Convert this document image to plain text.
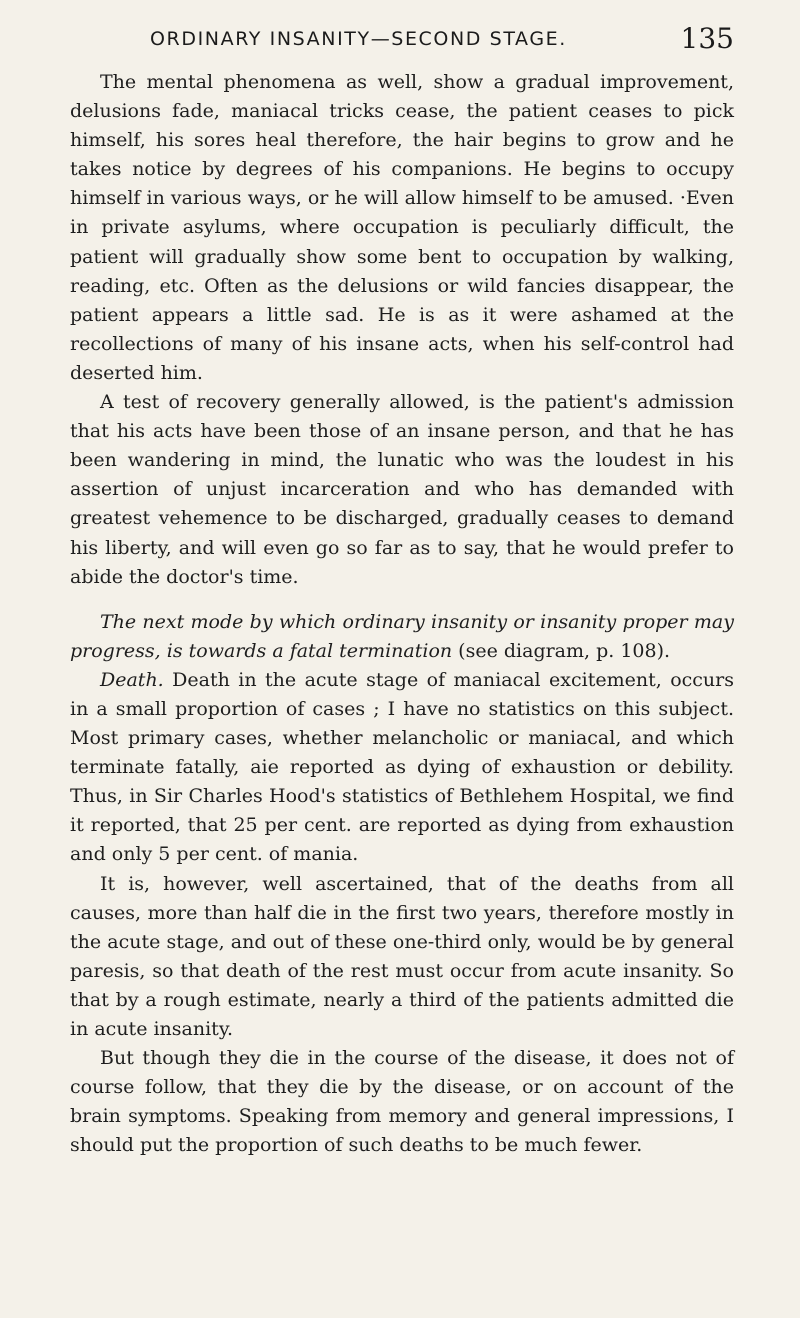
ORDINARY INSANITY—SECOND STAGE.	135

The mental phenomena as well, show a gradual improvement, delusions fade, maniacal tricks cease, the patient ceases to pick himself, his sores heal therefore, the hair begins to grow and he takes notice by degrees of his companions. He begins to occupy himself in various ways, or he will allow himself to be amused. ·Even in private asylums, where occupation is peculiarly difficult, the patient will gradually show some bent to occupation by walking, reading, etc. Often as the delusions or wild fancies disappear, the patient appears a little sad. He is as it were ashamed at the recollections of many of his insane acts, when his self-control had deserted him.

A test of recovery generally allowed, is the patient's admission that his acts have been those of an insane person, and that he has been wandering in mind, the lunatic who was the loudest in his assertion of unjust incarceration and who has demanded with greatest vehemence to be discharged, gradually ceases to demand his liberty, and will even go so far as to say, that he would prefer to abide the doctor's time.

The next mode by which ordinary insanity or insanity proper may progress, is towards a fatal termination (see diagram, p. 108).

Death. Death in the acute stage of maniacal excitement, occurs in a small proportion of cases ; I have no statistics on this subject. Most primary cases, whether melancholic or maniacal, and which terminate fatally, aie reported as dying of exhaustion or debility. Thus, in Sir Charles Hood's statistics of Bethlehem Hospital, we find it reported, that 25 per cent. are reported as dying from exhaustion and only 5 per cent. of mania.

It is, however, well ascertained, that of the deaths from all causes, more than half die in the first two years, therefore mostly in the acute stage, and out of these one-third only, would be by general paresis, so that death of the rest must occur from acute insanity. So that by a rough estimate, nearly a third of the patients admitted die in acute insanity.

But though they die in the course of the disease, it does not of course follow, that they die by the disease, or on account of the brain symptoms. Speaking from memory and general impressions, I should put the proportion of such deaths to be much fewer.
